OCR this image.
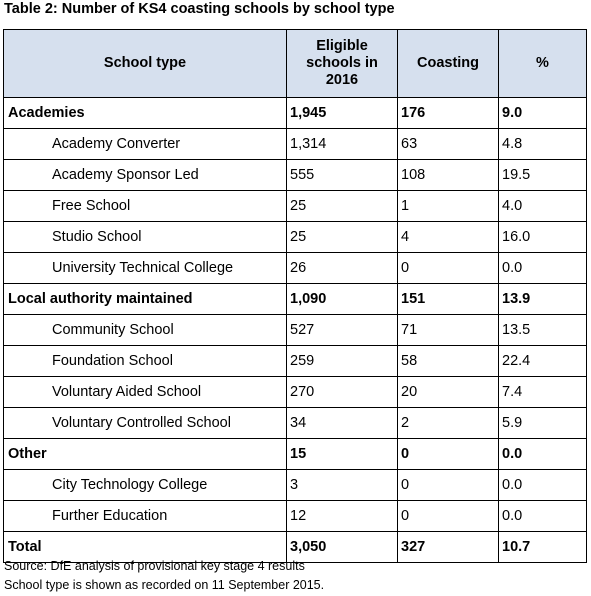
Table 2: Number of KS4 coasting schools by school type
School type	Eligible
schools in
2016	Coasting	%
Academies	1,945	176	9.0
Academy Converter	1,314	63	4.8
Academy Sponsor Led	555	108	19.5
Free School	25	1	4.0
Studio School	25	4	16.0
University Technical College	26	0	0.0
Local authority maintained	1,090	151	13.9
Community School	527	71	13.5
Foundation School	259	58	22.4
Voluntary Aided School	270	20	7.4
Voluntary Controlled School	34	2	5.9
Other	15	0	0.0
City Technology College	3	0	0.0
Further Education	12	0	0.0
Total	3,050	327	10.7
Source: DfE analysis of provisional key stage 4 results
School type is shown as recorded on 11 September 2015.
